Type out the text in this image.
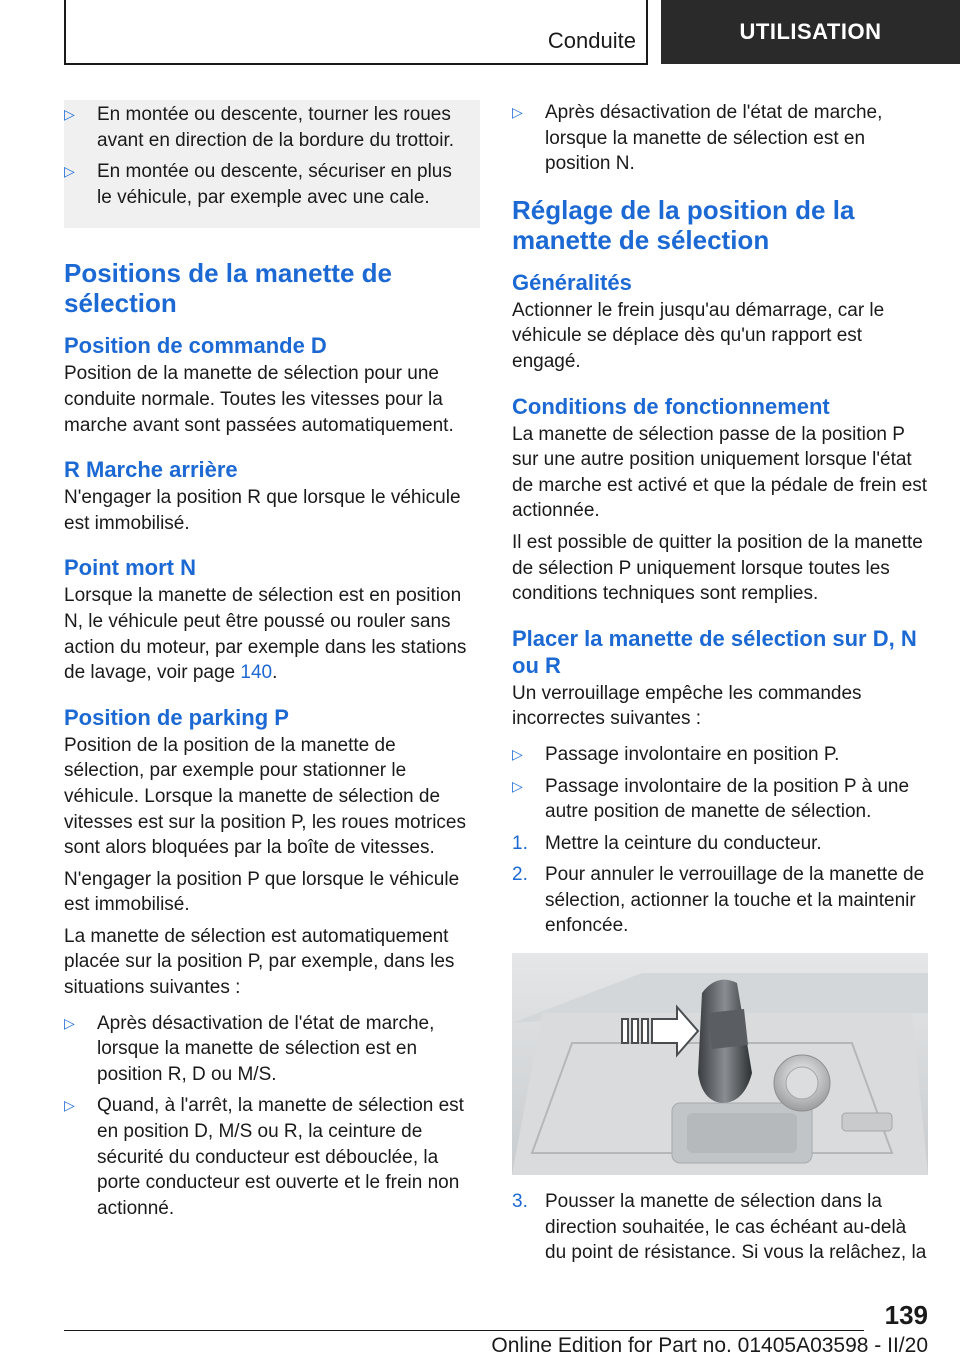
Conduite	UTILISATION
▷	En montée ou descente, tourner les roues avant en direction de la bordure du trottoir.
▷	En montée ou descente, sécuriser en plus le véhicule, par exemple avec une cale.
Positions de la manette de sélection
Position de commande D

Position de la manette de sélection pour une conduite normale. Toutes les vitesses pour la marche avant sont passées automatiquement.

R Marche arrière

N'engager la position R que lorsque le véhicule est immobilisé.

Point mort N

Lorsque la manette de sélection est en position N, le véhicule peut être poussé ou rouler sans action du moteur, par exemple dans les stations de lavage, voir page 140.

Position de parking P

Position de la position de la manette de sélection, par exemple pour stationner le véhicule. Lorsque la manette de sélection de vitesses est sur la position P, les roues motrices sont alors bloquées par la boîte de vitesses.

N'engager la position P que lorsque le véhicule est immobilisé.

La manette de sélection est automatiquement placée sur la position P, par exemple, dans les situations suivantes :

▷	Après désactivation de l'état de marche, lorsque la manette de sélection est en position R, D ou M/S.
▷	Quand, à l'arrêt, la manette de sélection est en position D, M/S ou R, la ceinture de sécurité du conducteur est débouclée, la porte conducteur est ouverte et le frein non actionné.
▷	Après désactivation de l'état de marche, lorsque la manette de sélection est en position N.
Réglage de la position de la manette de sélection
Généralités

Actionner le frein jusqu'au démarrage, car le véhicule se déplace dès qu'un rapport est engagé.

Conditions de fonctionnement

La manette de sélection passe de la position P sur une autre position uniquement lorsque l'état de marche est activé et que la pédale de frein est actionnée.

Il est possible de quitter la position de la manette de sélection P uniquement lorsque toutes les conditions techniques sont remplies.

Placer la manette de sélection sur D, N ou R

Un verrouillage empêche les commandes incorrectes suivantes :

▷	Passage involontaire en position P.
▷	Passage involontaire de la position P à une autre position de manette de sélection.
1. Mettre la ceinture du conducteur.
2. Pour annuler le verrouillage de la manette de sélection, actionner la touche et la maintenir enfoncée.
3. Pousser la manette de sélection dans la direction souhaitée, le cas échéant au-delà du point de résistance. Si vous la relâchez, la
139
Online Edition for Part no. 01405A03598 - II/20
